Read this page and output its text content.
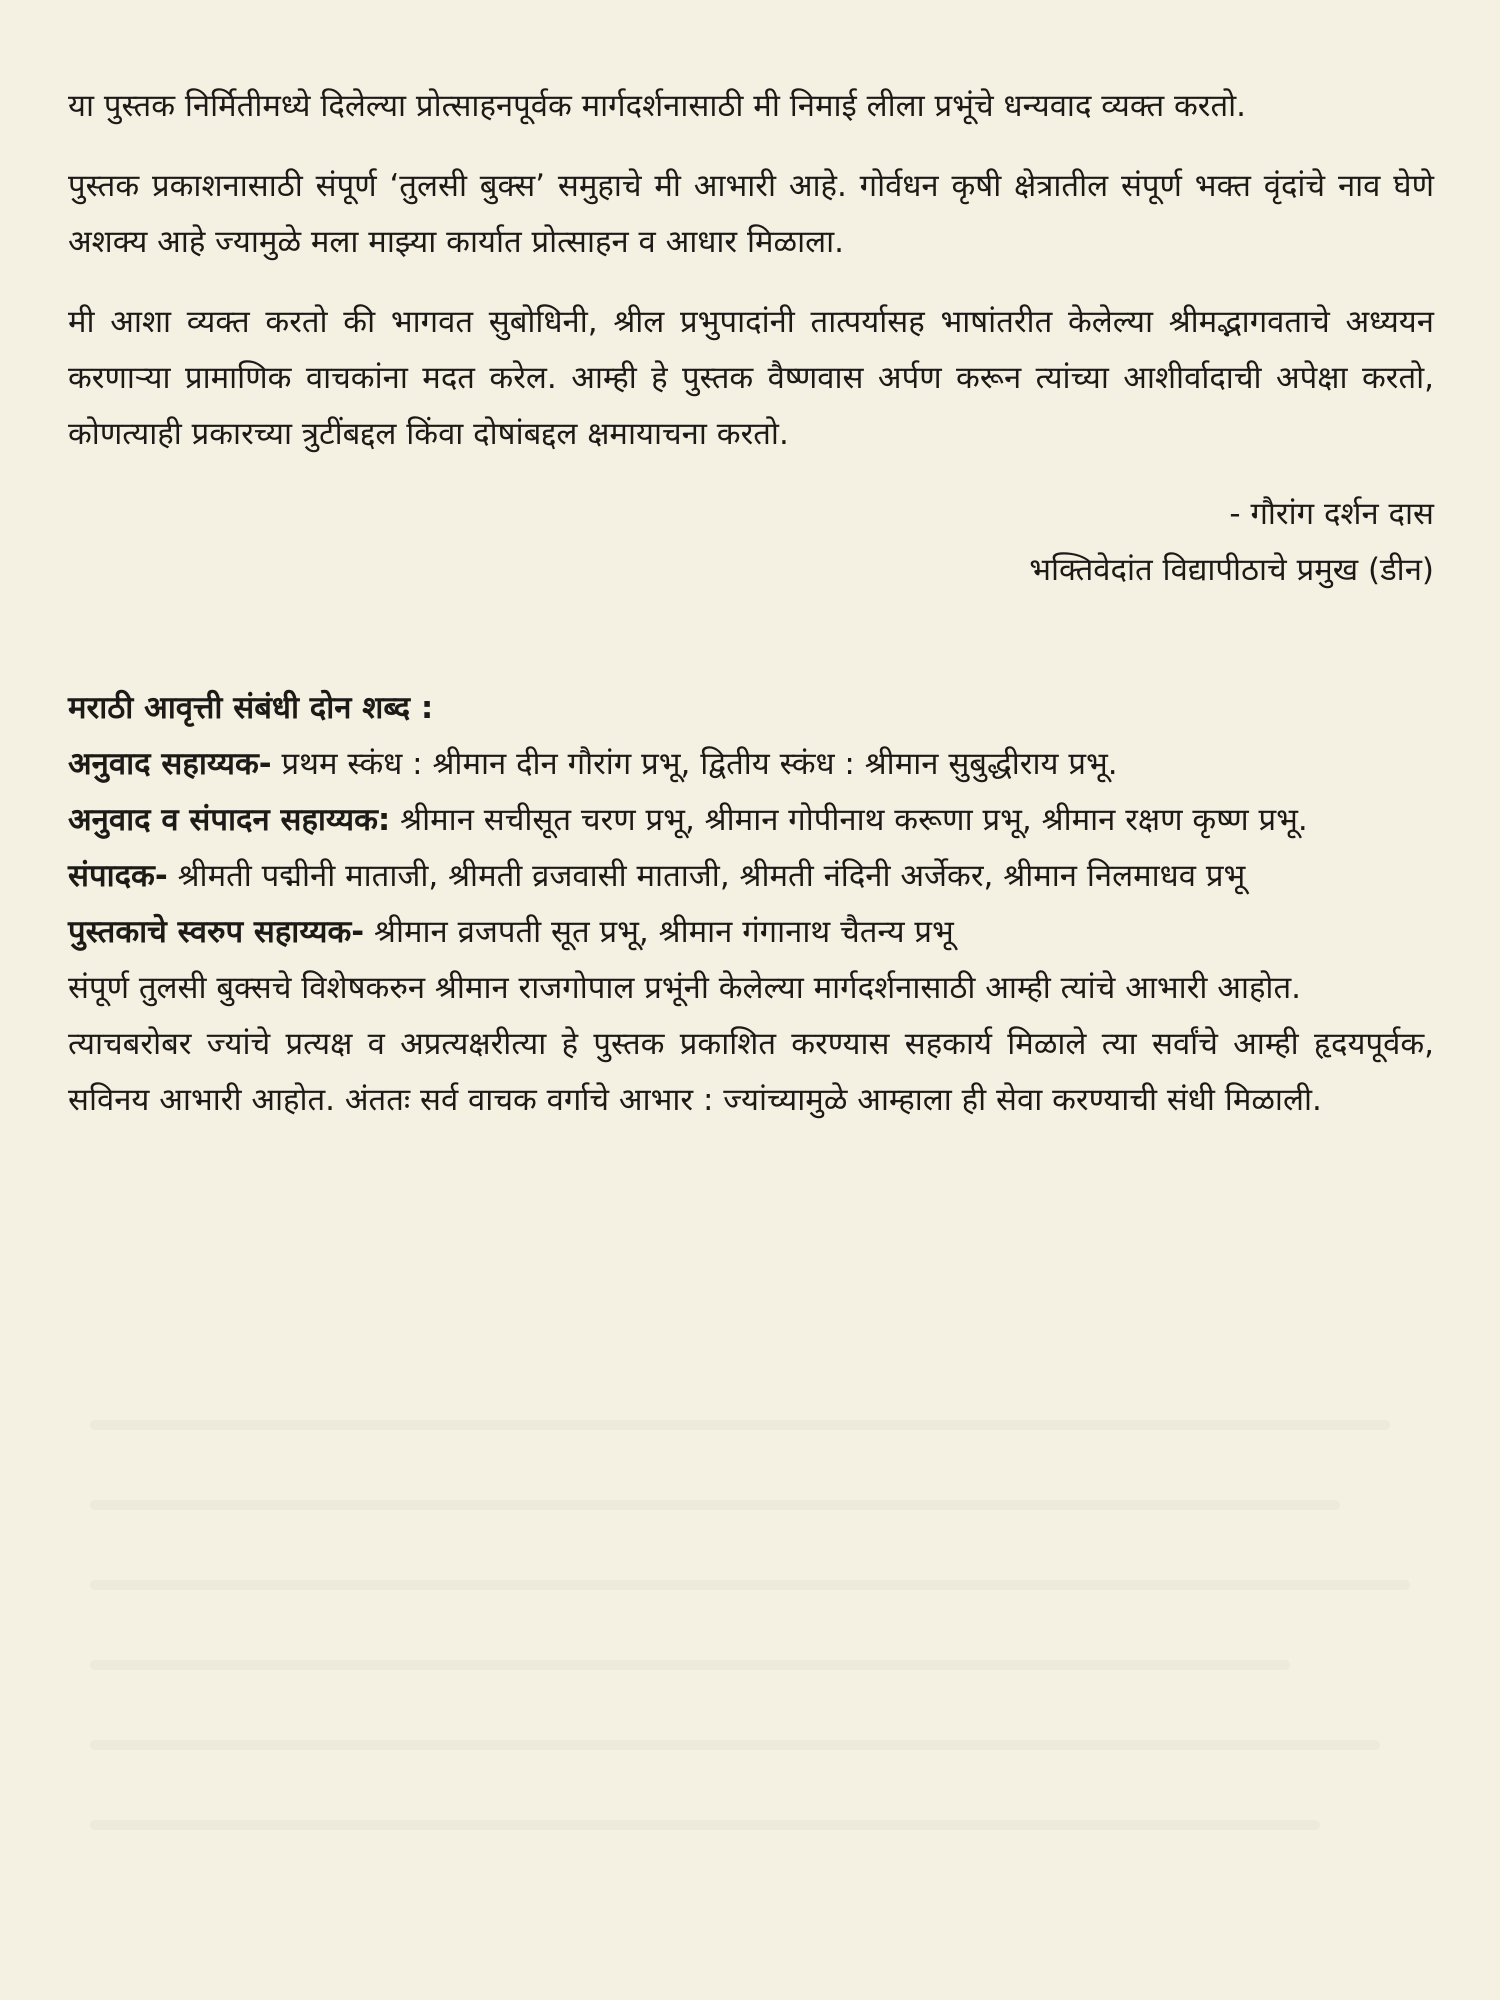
या पुस्तक निर्मितीमध्ये दिलेल्या प्रोत्साहनपूर्वक मार्गदर्शनासाठी मी निमाई लीला प्रभूंचे धन्यवाद व्यक्त करतो.

पुस्तक प्रकाशनासाठी संपूर्ण ‘तुलसी बुक्स’ समुहाचे मी आभारी आहे. गोर्वधन कृषी क्षेत्रातील संपूर्ण भक्त वृंदांचे नाव घेणे अशक्य आहे ज्यामुळे मला माझ्या कार्यात प्रोत्साहन व आधार मिळाला.

मी आशा व्यक्त करतो की भागवत सुबोधिनी, श्रील प्रभुपादांनी तात्पर्यासह भाषांतरीत केलेल्या श्रीमद्भागवताचे अध्ययन करणाऱ्या प्रामाणिक वाचकांना मदत करेल. आम्ही हे पुस्तक वैष्णवास अर्पण करून त्यांच्या आशीर्वादाची अपेक्षा करतो, कोणत्याही प्रकारच्या त्रुटींबद्दल किंवा दोषांबद्दल क्षमायाचना करतो.

- गौरांग दर्शन दास

भक्तिवेदांत विद्यापीठाचे प्रमुख (डीन)

मराठी आवृत्ती संबंधी दोन शब्द :

अनुवाद सहाय्यक- प्रथम स्कंध : श्रीमान दीन गौरांग प्रभू, द्वितीय स्कंध : श्रीमान सुबुद्धीराय प्रभू.

अनुवाद व संपादन सहाय्यक: श्रीमान सचीसूत चरण प्रभू, श्रीमान गोपीनाथ करूणा प्रभू, श्रीमान रक्षण कृष्ण प्रभू.

संपादक- श्रीमती पद्मीनी माताजी, श्रीमती व्रजवासी माताजी, श्रीमती नंदिनी अर्जेकर, श्रीमान निलमाधव प्रभू

पुस्तकाचे स्वरुप सहाय्यक- श्रीमान व्रजपती सूत प्रभू, श्रीमान गंगानाथ चैतन्य प्रभू

संपूर्ण तुलसी बुक्सचे विशेषकरुन श्रीमान राजगोपाल प्रभूंनी केलेल्या मार्गदर्शनासाठी आम्ही त्यांचे आभारी आहोत.

त्याचबरोबर ज्यांचे प्रत्यक्ष व अप्रत्यक्षरीत्या हे पुस्तक प्रकाशित करण्यास सहकार्य मिळाले त्या सर्वांचे आम्ही हृदयपूर्वक, सविनय आभारी आहोत. अंततः सर्व वाचक वर्गाचे आभार : ज्यांच्यामुळे आम्हाला ही सेवा करण्याची संधी मिळाली.
